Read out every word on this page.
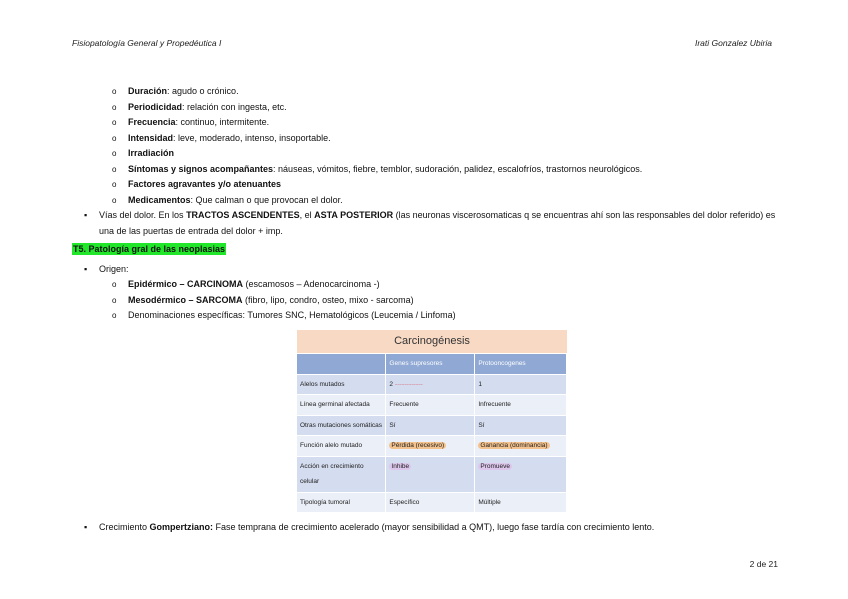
Fisiopatología General y Propedéutica I	Irati Gonzalez Ubiria
o Duración: agudo o crónico.
o Periodicidad: relación con ingesta, etc.
o Frecuencia: continuo, intermitente.
o Intensidad: leve, moderado, intenso, insoportable.
o Irradiación
o Síntomas y signos acompañantes: náuseas, vómitos, fiebre, temblor, sudoración, palidez, escalofríos, trastornos neurológicos.
o Factores agravantes y/o atenuantes
o Medicamentos: Que calman o que provocan el dolor.
▪ Vías del dolor. En los TRACTOS ASCENDENTES, el ASTA POSTERIOR (las neuronas viscerosomaticas q se encuentras ahí son las responsables del dolor referido) es una de las puertas de entrada del dolor + imp.
T5. Patología gral de las neoplasias
▪ Origen:
o Epidérmico – CARCINOMA (escamosos – Adenocarcinoma -)
o Mesodérmico – SARCOMA (fibro, lipo, condro, osteo, mixo - sarcoma)
o Denominaciones específicas: Tumores SNC, Hematológicos (Leucemia / Linfoma)
Carcinogénesis
	Genes supresores	Protooncogenes
Alelos mutados	2 ~~~~~~~~~~~~	1
Línea germinal afectada	Frecuente	Infrecuente
Otras mutaciones somáticas	Sí	Sí
Función alelo mutado	Pérdida (recesivo)	Ganancia (dominancia)
Acción en crecimiento celular	Inhibe	Promueve
Tipología tumoral	Específico	Múltiple
▪ Crecimiento Gompertziano: Fase temprana de crecimiento acelerado (mayor sensibilidad a QMT), luego fase tardía con crecimiento lento.
2 de 21
